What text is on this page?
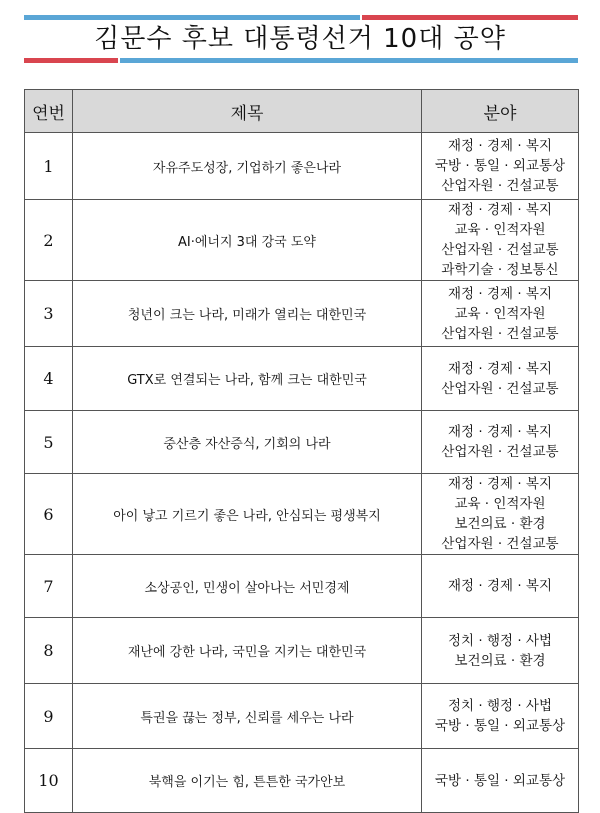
김문수 후보 대통령선거 10대 공약
연번	제목	분야
1	자유주도성장, 기업하기 좋은나라	재정 · 경제 · 복지
국방 · 통일 · 외교통상
산업자원 · 건설교통

2	AI·에너지 3대 강국 도약	재정 · 경제 · 복지
교육 · 인적자원
산업자원 · 건설교통
과학기술 · 정보통신

3	청년이 크는 나라, 미래가 열리는 대한민국	재정 · 경제 · 복지
교육 · 인적자원
산업자원 · 건설교통

4	GTX로 연결되는 나라, 함께 크는 대한민국	재정 · 경제 · 복지
산업자원 · 건설교통

5	중산층 자산증식, 기회의 나라	재정 · 경제 · 복지
산업자원 · 건설교통

6	아이 낳고 기르기 좋은 나라, 안심되는 평생복지	재정 · 경제 · 복지
교육 · 인적자원
보건의료 · 환경
산업자원 · 건설교통

7	소상공인, 민생이 살아나는 서민경제	재정 · 경제 · 복지

8	재난에 강한 나라, 국민을 지키는 대한민국	정치 · 행정 · 사법
보건의료 · 환경

9	특권을 끊는 정부, 신뢰를 세우는 나라	정치 · 행정 · 사법
국방 · 통일 · 외교통상

10	북핵을 이기는 힘, 튼튼한 국가안보	국방 · 통일 · 외교통상
